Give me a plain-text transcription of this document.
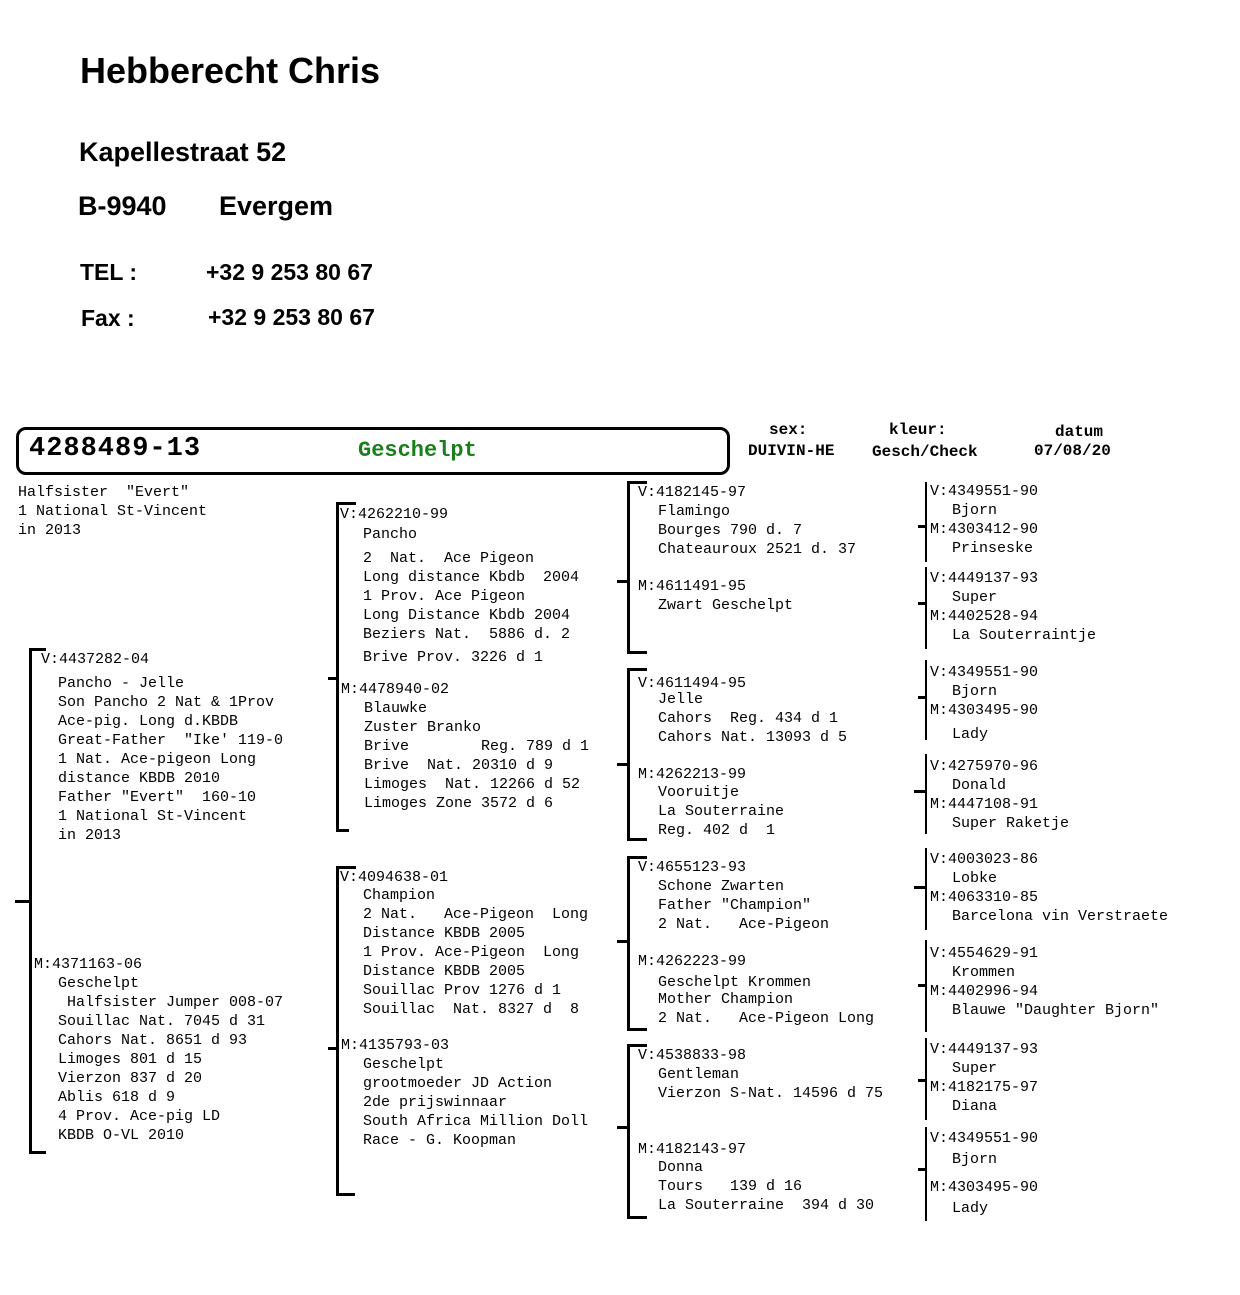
Hebberecht Chris
Kapellestraat 52
B-9940 Evergem
TEL :	+32 9 253 80 67
Fax :	+32 9 253 80 67
4288489-13	Geschelpt
sex:
DUIVIN-HE
kleur:
Gesch/Check
datum
07/08/20
Halfsister  "Evert"
1 National St-Vincent
in 2013
V:4437282-04
Pancho - Jelle
Son Pancho 2 Nat & 1Prov
Ace-pig. Long d.KBDB
Great-Father  "Ike' 119-0
1 Nat. Ace-pigeon Long
distance KBDB 2010
Father "Evert"  160-10
1 National St-Vincent
in 2013
M:4371163-06
Geschelpt
Halfsister Jumper 008-07
Souillac Nat. 7045 d 31
Cahors Nat. 8651 d 93
Limoges 801 d 15
Vierzon 837 d 20
Ablis 618 d 9
4 Prov. Ace-pig LD
KBDB O-VL 2010
V:4262210-99
Pancho
2  Nat.  Ace Pigeon
Long distance Kbdb  2004
1 Prov. Ace Pigeon
Long Distance Kbdb 2004
Beziers Nat.  5886 d. 2
Brive Prov. 3226 d 1
M:4478940-02
Blauwke
Zuster Branko
Brive        Reg. 789 d 1
Brive  Nat. 20310 d 9
Limoges  Nat. 12266 d 52
Limoges Zone 3572 d 6
V:4094638-01
Champion
2 Nat.   Ace-Pigeon  Long
Distance KBDB 2005
1 Prov. Ace-Pigeon  Long
Distance KBDB 2005
Souillac Prov 1276 d 1
Souillac  Nat. 8327 d  8
M:4135793-03
Geschelpt
grootmoeder JD Action
2de prijswinnaar
South Africa Million Doll
Race - G. Koopman
V:4182145-97
Flamingo
Bourges 790 d. 7
Chateauroux 2521 d. 37
M:4611491-95
Zwart Geschelpt
V:4611494-95
Jelle
Cahors  Reg. 434 d 1
Cahors Nat. 13093 d 5
M:4262213-99
Vooruitje
La Souterraine
Reg. 402 d  1
V:4655123-93
Schone Zwarten
Father "Champion"
2 Nat.   Ace-Pigeon
M:4262223-99
Geschelpt Krommen
Mother Champion
2 Nat.   Ace-Pigeon Long
V:4538833-98
Gentleman
Vierzon S-Nat. 14596 d 75
M:4182143-97
Donna
Tours   139 d 16
La Souterraine  394 d 30
V:4349551-90
Bjorn
M:4303412-90
Prinseske
V:4449137-93
Super
M:4402528-94
La Souterraintje
V:4349551-90
Bjorn
M:4303495-90
Lady
V:4275970-96
Donald
M:4447108-91
Super Raketje
V:4003023-86
Lobke
M:4063310-85
Barcelona vin Verstraete
V:4554629-91
Krommen
M:4402996-94
Blauwe "Daughter Bjorn"
V:4449137-93
Super
M:4182175-97
Diana
V:4349551-90
Bjorn
M:4303495-90
Lady
